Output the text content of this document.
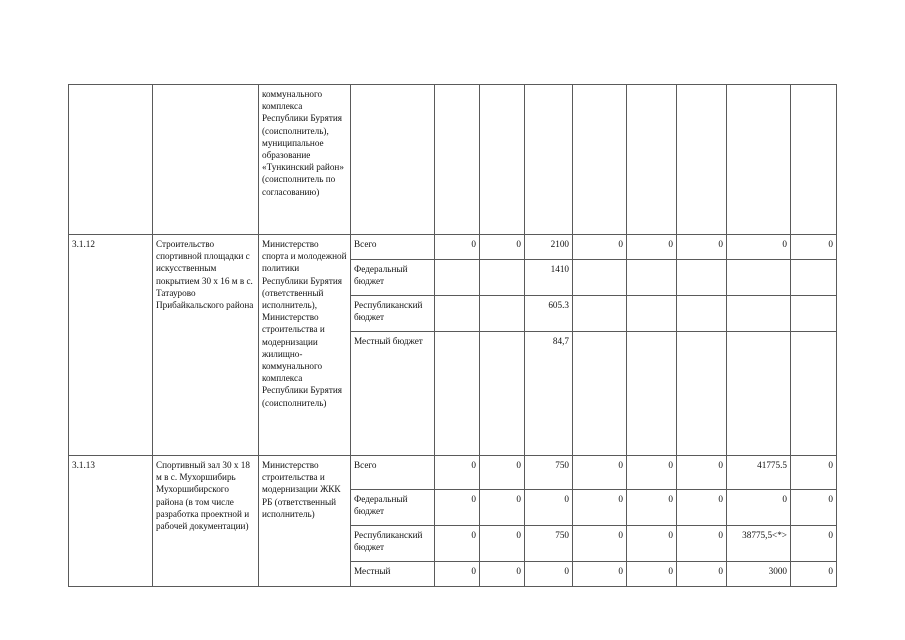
		коммунального комплекса Республики Бурятия (соисполнитель), муниципальное образование «Тункинский район» (соисполнитель по согласованию)									
3.1.12	Строительство спортивной площадки с искусственным покрытием 30 х 16 м в с. Татаурово Прибайкальского района	Министерство спорта и молодежной политики Республики Бурятия (ответственный исполнитель), Министерство строительства и модернизации жилищно-коммунального комплекса Республики Бурятия (соисполнитель)	Всего	0	0	2100	0	0	0	0	0
			Федеральный бюджет			1410					
			Республиканский бюджет			605.3					
			Местный бюджет			84,7					
3.1.13	Спортивный зал 30 х 18 м в с. Мухоршибирь Мухоршибирского района (в том числе разработка проектной и рабочей документации)	Министерство строительства и модернизации ЖКК РБ (ответственный исполнитель)	Всего	0	0	750	0	0	0	41775.5	0
			Федеральный бюджет	0	0	0	0	0	0	0	0
			Республиканский бюджет	0	0	750	0	0	0	38775,5<*>	0
			Местный	0	0	0	0	0	0	3000	0
